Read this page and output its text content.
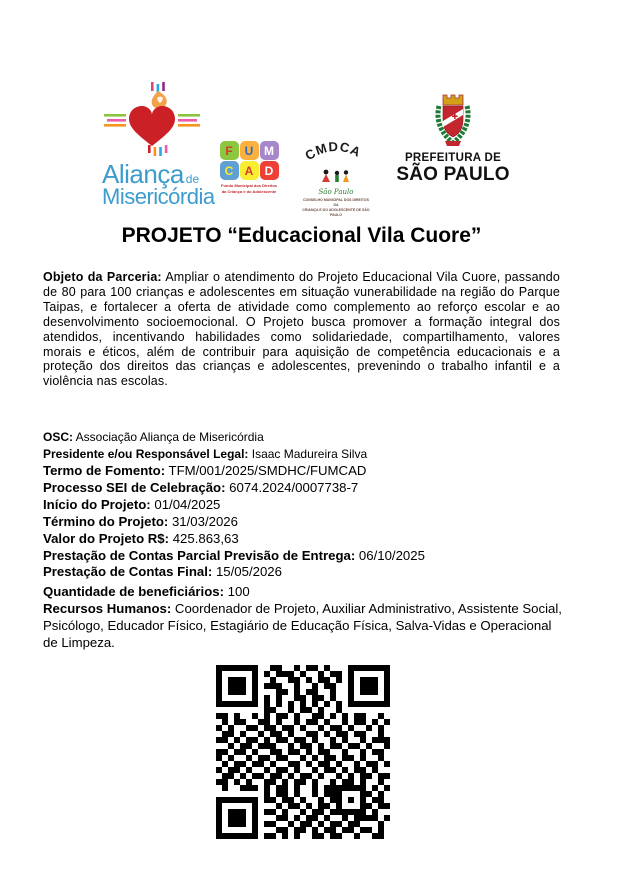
Aliança de
Misericórdia
F U M
C A D
Fundo Municipal dos Direitos
da Criança e do Adolescente
CMDCA

São Paulo
CONSELHO MUNICIPAL DOS DIREITOS DA
CRIANÇA E DO ADOLESCENTE DE SÃO PAULO
PREFEITURA DE
SÃO PAULO
PROJETO “Educacional Vila Cuore”
Objeto da Parceria: Ampliar o atendimento do Projeto Educacional Vila Cuore, passando de 80 para 100 crianças e adolescentes em situação vunerabilidade na região do Parque Taipas, e fortalecer a oferta de atividade como complemento ao reforço escolar e ao desenvolvimento socioemocional. O Projeto busca promover a formação integral dos atendidos, incentivando habilidades como solidariedade, compartilhamento, valores morais e éticos, além de contribuir para aquisição de competência educacionais e a proteção dos direitos das crianças e adolescentes, prevenindo o trabalho infantil e a violência nas escolas.
OSC: Associação Aliança de Misericórdia
Presidente e/ou Responsável Legal: Isaac Madureira Silva
Termo de Fomento: TFM/001/2025/SMDHC/FUMCAD
Processo SEI de Celebração: 6074.2024/0007738-7
Início do Projeto: 01/04/2025
Término do Projeto: 31/03/2026
Valor do Projeto R$: 425.863,63
Prestação de Contas Parcial Previsão de Entrega: 06/10/2025
Prestação de Contas Final: 15/05/2026
Quantidade de beneficiários: 100
Recursos Humanos: Coordenador de Projeto, Auxiliar Administrativo, Assistente Social, Psicólogo, Educador Físico, Estagiário de Educação Física, Salva-Vidas e Operacional de Limpeza.
